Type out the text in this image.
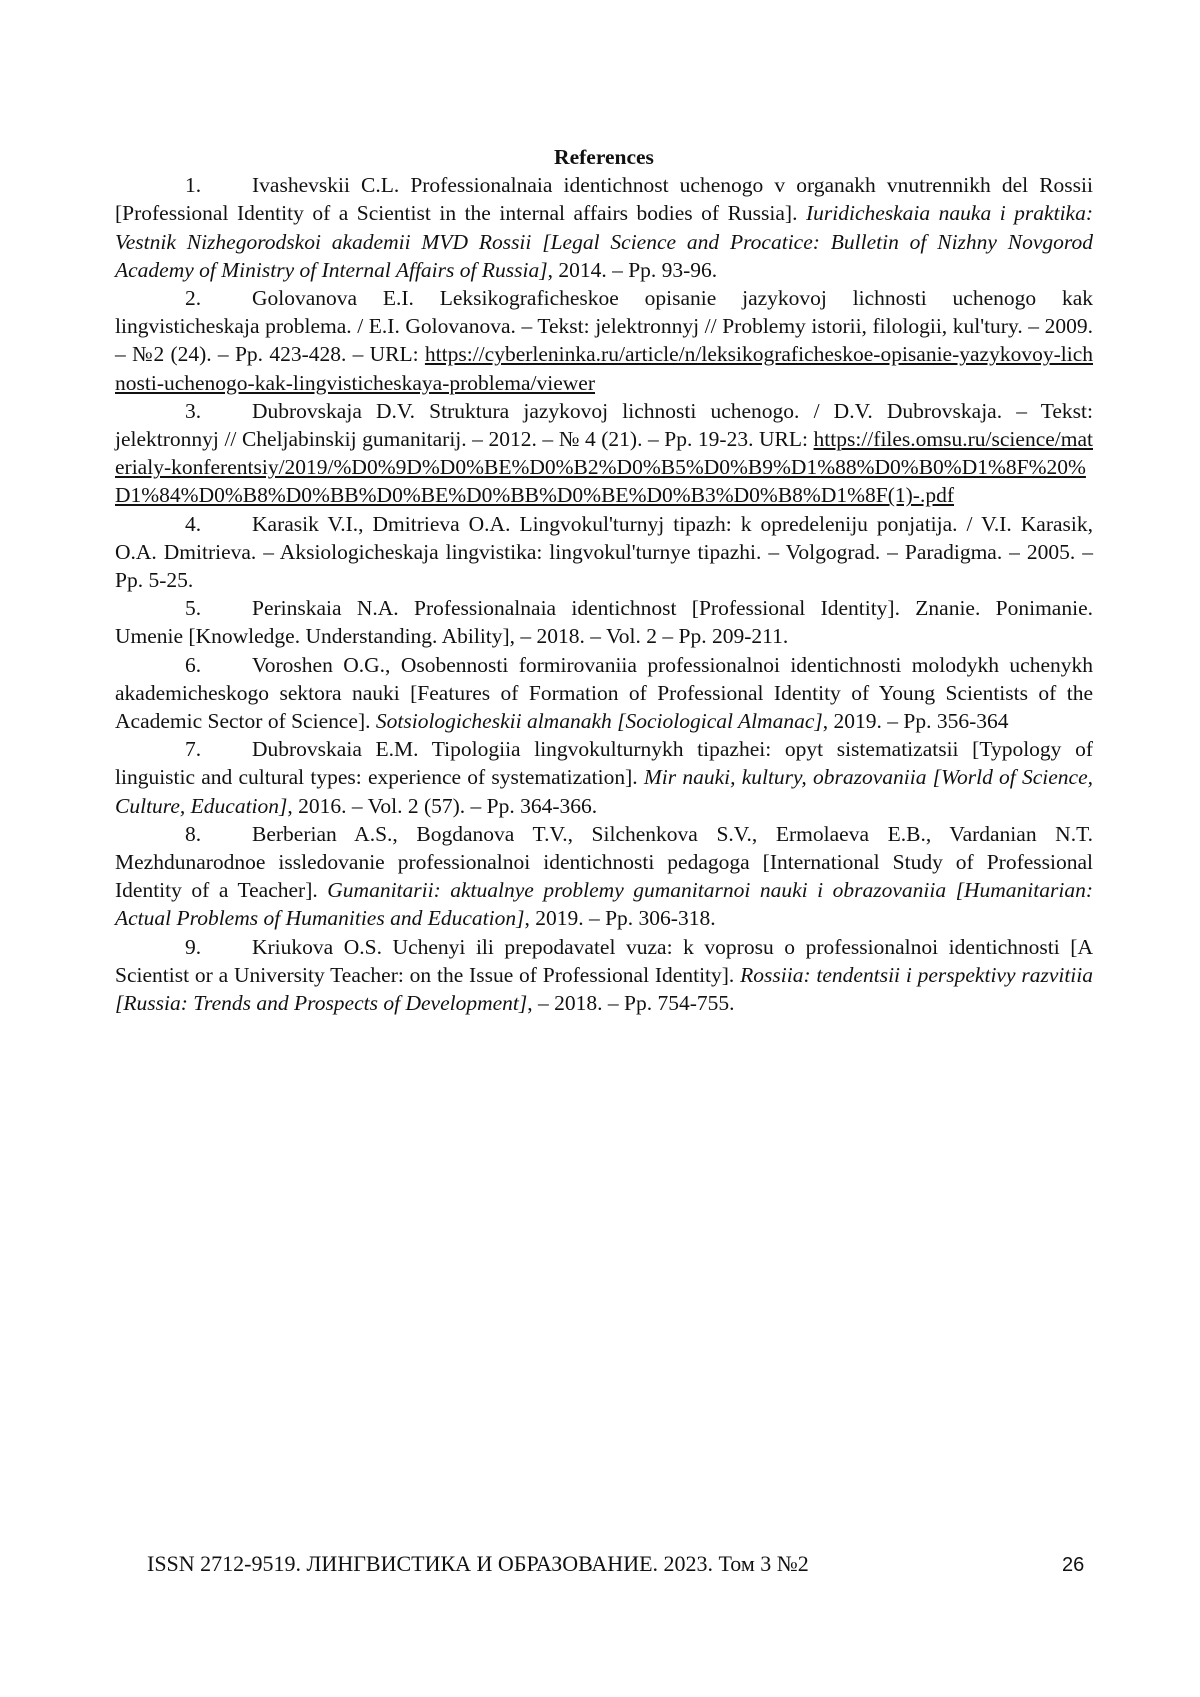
References

1. Ivashevskii C.L. Professionalnaia identichnost uchenogo v organakh vnutrennikh del Rossii [Professional Identity of a Scientist in the internal affairs bodies of Russia]. Iuridicheskaia nauka i praktika: Vestnik Nizhegorodskoi akademii MVD Rossii [Legal Science and Procatice: Bulletin of Nizhny Novgorod Academy of Ministry of Internal Affairs of Russia], 2014. – Pp. 93-96.

2. Golovanova E.I. Leksikograficheskoe opisanie jazykovoj lichnosti uchenogo kak lingvisticheskaja problema. / E.I. Golovanova. – Tekst: jelektronnyj // Problemy istorii, filologii, kul'tury. – 2009. – №2 (24). – Pp. 423-428. – URL: https://cyberleninka.ru/article/n/leksikograficheskoe-opisanie-yazykovoy-lichnosti-uchenogo-kak-lingvisticheskaya-problema/viewer

3. Dubrovskaja D.V. Struktura jazykovoj lichnosti uchenogo. / D.V. Dubrovskaja. – Tekst: jelektronnyj // Cheljabinskij gumanitarij. – 2012. – № 4 (21). – Pp. 19-23. URL: https://files.omsu.ru/science/materialy-konferentsiy/2019/%D0%9D%D0%BE%D0%B2%D0%B5%D0%B9%D1%88%D0%B0%D1%8F%20%D1%84%D0%B8%D0%BB%D0%BE%D0%BB%D0%BE%D0%B3%D0%B8%D1%8F(1)-.pdf

4. Karasik V.I., Dmitrieva O.A. Lingvokul'turnyj tipazh: k opredeleniju ponjatija. / V.I. Karasik, O.A. Dmitrieva. – Aksiologicheskaja lingvistika: lingvokul'turnye tipazhi. – Volgograd. – Paradigma. – 2005. – Pp. 5-25.

5. Perinskaia N.A. Professionalnaia identichnost [Professional Identity]. Znanie. Ponimanie. Umenie [Knowledge. Understanding. Ability], – 2018. – Vol. 2 – Pp. 209-211.

6. Voroshen O.G., Osobennosti formirovaniia professionalnoi identichnosti molodykh uchenykh akademicheskogo sektora nauki [Features of Formation of Professional Identity of Young Scientists of the Academic Sector of Science]. Sotsiologicheskii almanakh [Sociological Almanac], 2019. – Pp. 356-364

7. Dubrovskaia E.M. Tipologiia lingvokulturnykh tipazhei: opyt sistematizatsii [Typology of linguistic and cultural types: experience of systematization]. Mir nauki, kultury, obrazovaniia [World of Science, Culture, Education], 2016. – Vol. 2 (57). – Pp. 364-366.

8. Berberian A.S., Bogdanova T.V., Silchenkova S.V., Ermolaeva E.B., Vardanian N.T. Mezhdunarodnoe issledovanie professionalnoi identichnosti pedagoga [International Study of Professional Identity of a Teacher]. Gumanitarii: aktualnye problemy gumanitarnoi nauki i obrazovaniia [Humanitarian: Actual Problems of Humanities and Education], 2019. – Pp. 306-318.

9. Kriukova O.S. Uchenyi ili prepodavatel vuza: k voprosu o professionalnoi identichnosti [A Scientist or a University Teacher: on the Issue of Professional Identity]. Rossiia: tendentsii i perspektivy razvitiia [Russia: Trends and Prospects of Development], – 2018. – Pp. 754-755.

ISSN 2712-9519. ЛИНГВИСТИКА И ОБРАЗОВАНИЕ. 2023. Том 3 №2	26
